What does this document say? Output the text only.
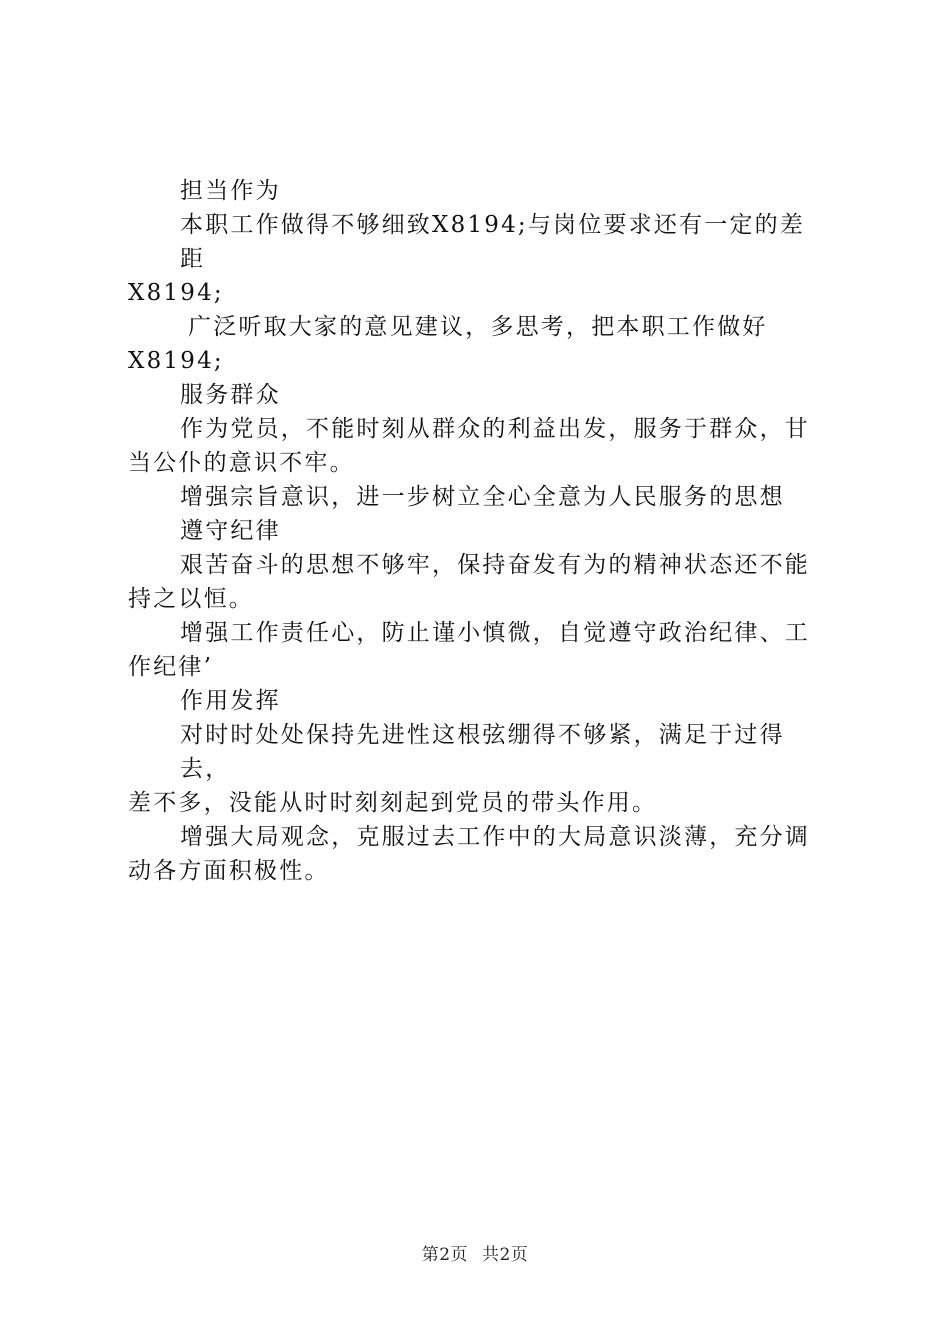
担当作为

本职工作做得不够细致X8194;与岗位要求还有一定的差距

X8194;

广泛听取大家的意见建议，多思考，把本职工作做好

X8194;

服务群众

作为党员，不能时刻从群众的利益出发，服务于群众，甘

当公仆的意识不牢。

增强宗旨意识，进一步树立全心全意为人民服务的思想

遵守纪律

艰苦奋斗的思想不够牢，保持奋发有为的精神状态还不能

持之以恒。

增强工作责任心，防止谨小慎微，自觉遵守政治纪律、工

作纪律’

作用发挥

对时时处处保持先进性这根弦绷得不够紧，满足于过得去，

差不多，没能从时时刻刻起到党员的带头作用。

增强大局观念，克服过去工作中的大局意识淡薄，充分调

动各方面积极性。

第2页 共2页
